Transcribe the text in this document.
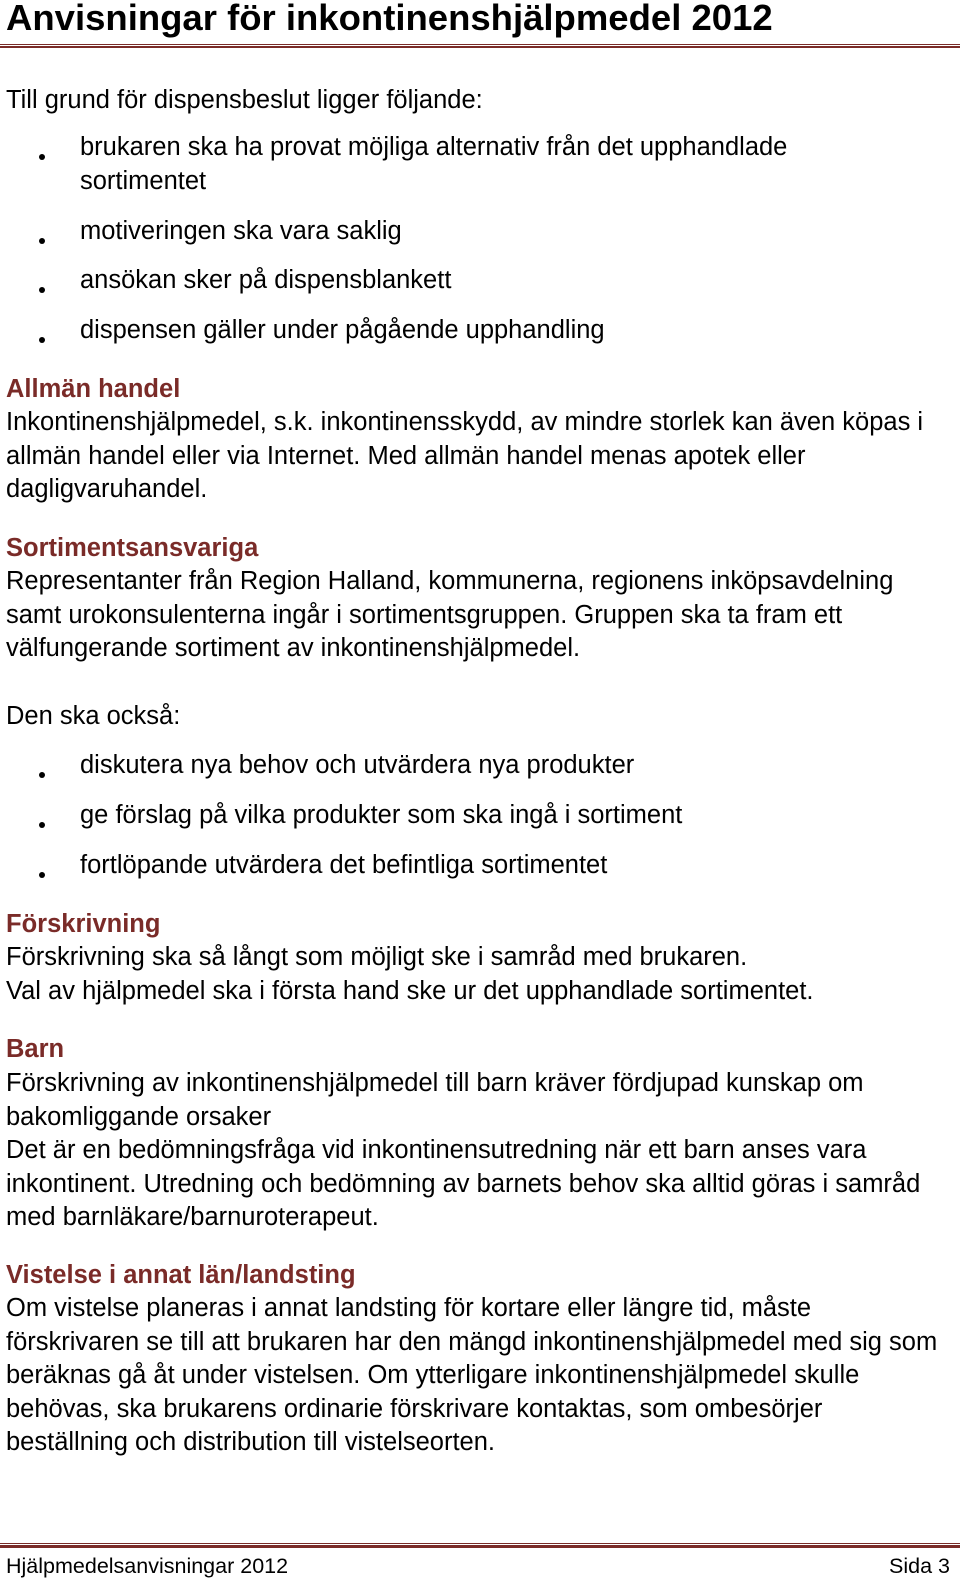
Anvisningar för inkontinenshjälpmedel 2012
Till grund för dispensbeslut ligger följande:
brukaren ska ha provat möjliga alternativ från det upphandlade sortimentet
motiveringen ska vara saklig
ansökan sker på dispensblankett
dispensen gäller under pågående upphandling
Allmän handel

Inkontinenshjälpmedel, s.k. inkontinensskydd, av mindre storlek kan även köpas i allmän handel eller via Internet. Med allmän handel menas apotek eller dagligvaruhandel.

Sortimentsansvariga

Representanter från Region Halland, kommunerna, regionens inköpsavdelning samt urokonsulenterna ingår i sortimentsgruppen. Gruppen ska ta fram ett välfungerande sortiment av inkontinenshjälpmedel.

Den ska också:

diskutera nya behov och utvärdera nya produkter
ge förslag på vilka produkter som ska ingå i sortiment
fortlöpande utvärdera det befintliga sortimentet
Förskrivning

Förskrivning ska så långt som möjligt ske i samråd med brukaren.

Val av hjälpmedel ska i första hand ske ur det upphandlade sortimentet.

Barn

Förskrivning av inkontinenshjälpmedel till barn kräver fördjupad kunskap om bakomliggande orsaker

Det är en bedömningsfråga vid inkontinensutredning när ett barn anses vara inkontinent. Utredning och bedömning av barnets behov ska alltid göras i samråd med barnläkare/barnuroterapeut.

Vistelse i annat län/landsting

Om vistelse planeras i annat landsting för kortare eller längre tid, måste förskrivaren se till att brukaren har den mängd inkontinenshjälpmedel med sig som beräknas gå åt under vistelsen. Om ytterligare inkontinenshjälpmedel skulle behövas, ska brukarens ordinarie förskrivare kontaktas, som ombesörjer beställning och distribution till vistelseorten.

Hjälpmedelsanvisningar 2012	Sida 3
